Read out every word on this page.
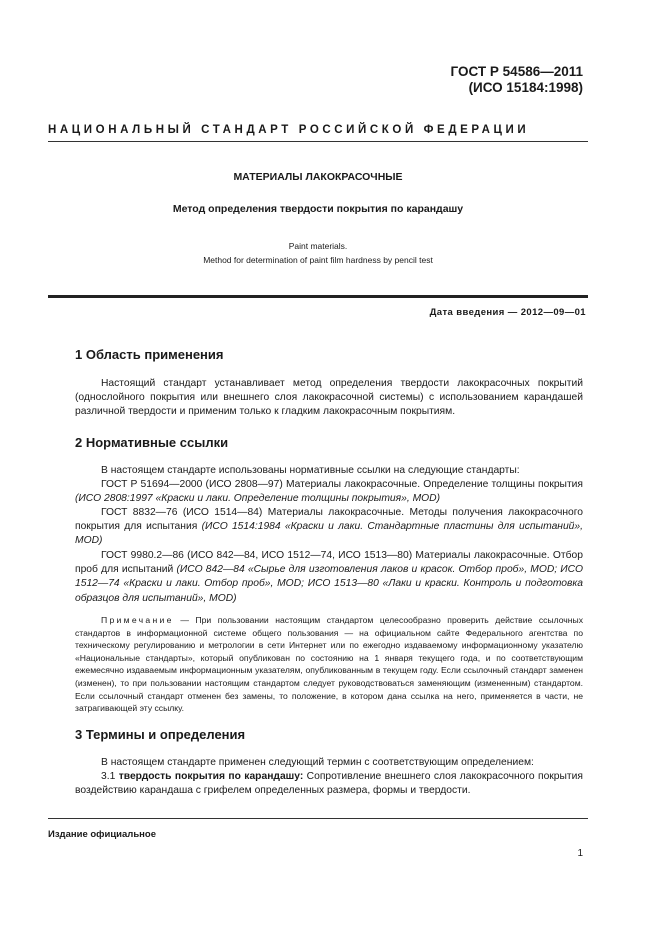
ГОСТ Р 54586—2011
(ИСО 15184:1998)
НАЦИОНАЛЬНЫЙ СТАНДАРТ РОССИЙСКОЙ ФЕДЕРАЦИИ
МАТЕРИАЛЫ ЛАКОКРАСОЧНЫЕ
Метод определения твердости покрытия по карандашу
Paint materials.
Method for determination of paint film hardness by pencil test
Дата введения — 2012—09—01
1 Область применения
Настоящий стандарт устанавливает метод определения твердости лакокрасочных покрытий (однослойного покрытия или внешнего слоя лакокрасочной системы) с использованием карандашей различной твердости и применим только к гладким лакокрасочным покрытиям.
2 Нормативные ссылки
В настоящем стандарте использованы нормативные ссылки на следующие стандарты:
ГОСТ Р 51694—2000 (ИСО 2808—97) Материалы лакокрасочные. Определение толщины покрытия (ИСО 2808:1997 «Краски и лаки. Определение толщины покрытия», MOD)
ГОСТ 8832—76 (ИСО 1514—84) Материалы лакокрасочные. Методы получения лакокрасочного покрытия для испытания (ИСО 1514:1984 «Краски и лаки. Стандартные пластины для испытаний», MOD)
ГОСТ 9980.2—86 (ИСО 842—84, ИСО 1512—74, ИСО 1513—80) Материалы лакокрасочные. Отбор проб для испытаний (ИСО 842—84 «Сырье для изготовления лаков и красок. Отбор проб», MOD; ИСО 1512—74 «Краски и лаки. Отбор проб», MOD; ИСО 1513—80 «Лаки и краски. Контроль и подготовка образцов для испытаний», MOD)
Примечание — При пользовании настоящим стандартом целесообразно проверить действие ссылочных стандартов в информационной системе общего пользования — на официальном сайте Федерального агентства по техническому регулированию и метрологии в сети Интернет или по ежегодно издаваемому информационному указателю «Национальные стандарты», который опубликован по состоянию на 1 января текущего года, и по соответствующим ежемесячно издаваемым информационным указателям, опубликованным в текущем году. Если ссылочный стандарт заменен (изменен), то при пользовании настоящим стандартом следует руководствоваться заменяющим (измененным) стандартом. Если ссылочный стандарт отменен без замены, то положение, в котором дана ссылка на него, применяется в части, не затрагивающей эту ссылку.
3 Термины и определения
В настоящем стандарте применен следующий термин с соответствующим определением:
3.1 твердость покрытия по карандашу: Сопротивление внешнего слоя лакокрасочного покрытия воздействию карандаша с грифелем определенных размера, формы и твердости.
Издание официальное
1
